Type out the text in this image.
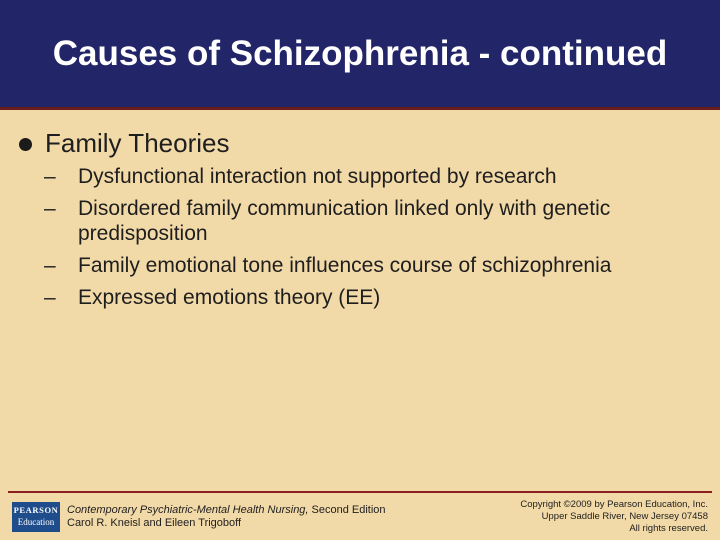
Causes of Schizophrenia - continued
Family Theories
–	Dysfunctional interaction not supported by research
–	Disordered family communication linked only with genetic predisposition
–	Family emotional tone influences course of schizophrenia
–	Expressed emotions theory (EE)
PEARSON
Education
Contemporary Psychiatric-Mental Health Nursing, Second Edition
Carol R. Kneisl and Eileen Trigoboff
Copyright ©2009 by Pearson Education, Inc.
Upper Saddle River, New Jersey 07458
All rights reserved.
